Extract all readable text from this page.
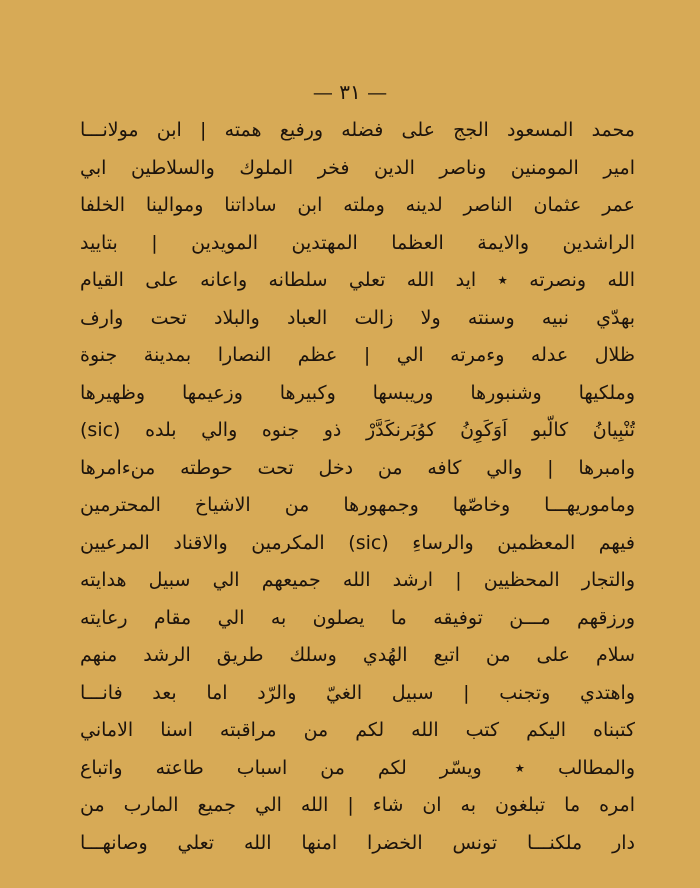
— ٣١ —
محمد المسعود الجج على فضله ورفيع همته | ابن مولانـــا
امير المومنين وناصر الدين فخر الملوك والسلاطين ابي
عمر عثمان الناصر لدينه وملته ابن ساداتنا وموالينا الخلفا
الراشدين والايمة العظما المهتدين المويدين | بتاييد
الله ونصرته ٭ ايد الله تعلي سلطانه واعانه على القيام
بهدّي نبيه وسنته ولا زالت العباد والبلاد تحت وارف
ظلال عدله وءمرته الي | عظم النصارا بمدينة جنوة
وملكيها وشنبورها وريبسها وكبيرها وزعيمها وظهيرها
تُنْبِيانُ كالّبو اَوَكَوِنُ كوُبَرنكَدَّرْ ذو جنوه والي بلده (sic)
وامبرها | والي كافه من دخل تحت حوطته منءامرها
وماموريهـــا وخاصّها وجمهورها من الاشياخ المحترمين
فيهم المعظمين والرساءِ (sic) المكرمين والاقناد المرعيين
والتجار المحظيين | ارشد الله جميعهم الي سبيل هدايته
ورزقهم مـــن توفيقه ما يصلون به الي مقام رعايته
سلام على من اتبع الهُدي وسلك طريق الرشد منهم
واهتدي وتجنب | سبيل الغيّ والرّد اما بعد فانـــا
كتبناه اليكم كتب الله لكم من مراقبته اسنا الاماني
والمطالب ٭ ويسّر لكم من اسباب طاعته واتباع
امره ما تبلغون به ان شاء | الله الي جميع المارب من
دار ملكنـــا تونس الخضرا امنها الله تعلي وصانهـــا
